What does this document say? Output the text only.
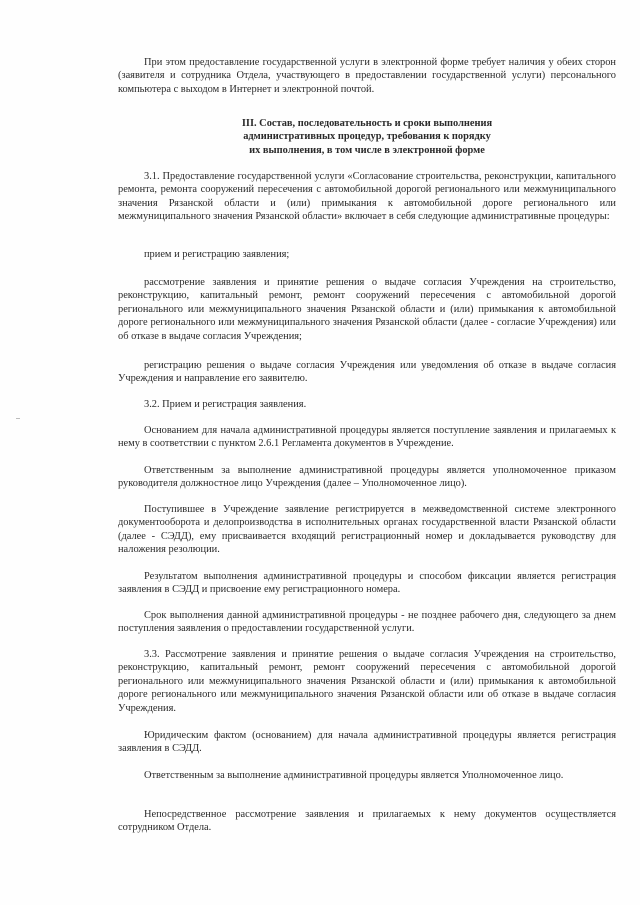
При этом предоставление государственной услуги в электронной форме требует наличия у обеих сторон (заявителя и сотрудника Отдела, участвующего в предоставлении государственной услуги) персонального компьютера с выходом в Интернет и электронной почтой.

III. Состав, последовательность и сроки выполнения
административных процедур, требования к порядку
их выполнения, в том числе в электронной форме

3.1. Предоставление государственной услуги «Согласование строительства, реконструкции, капитального ремонта, ремонта сооружений пересечения с автомобильной дорогой регионального или межмуниципального значения Рязанской области и (или) примыкания к автомобильной дороге регионального или межмуниципального значения Рязанской области» включает в себя следующие административные процедуры:

прием и регистрацию заявления;

рассмотрение заявления и принятие решения о выдаче согласия Учреждения на строительство, реконструкцию, капитальный ремонт, ремонт сооружений пересечения с автомобильной дорогой регионального или межмуниципального значения Рязанской области и (или) примыкания к автомобильной дороге регионального или межмуниципального значения Рязанской области (далее - согласие Учреждения) или об отказе в выдаче согласия Учреждения;

регистрацию решения о выдаче согласия Учреждения или уведомления об отказе в выдаче согласия Учреждения и направление его заявителю.

3.2. Прием и регистрация заявления.

Основанием для начала административной процедуры является поступление заявления и прилагаемых к нему в соответствии с пунктом 2.6.1 Регламента документов в Учреждение.

Ответственным за выполнение административной процедуры является уполномоченное приказом руководителя должностное лицо Учреждения (далее – Уполномоченное лицо).

Поступившее в Учреждение заявление регистрируется в межведомственной системе электронного документооборота и делопроизводства в исполнительных органах государственной власти Рязанской области (далее - СЭДД), ему присваивается входящий регистрационный номер и докладывается руководству для наложения резолюции.

Результатом выполнения административной процедуры и способом фиксации является регистрация заявления в СЭДД и присвоение ему регистрационного номера.

Срок выполнения данной административной процедуры - не позднее рабочего дня, следующего за днем поступления заявления о предоставлении государственной услуги.

3.3. Рассмотрение заявления и принятие решения о выдаче согласия Учреждения на строительство, реконструкцию, капитальный ремонт, ремонт сооружений пересечения с автомобильной дорогой регионального или межмуниципального значения Рязанской области и (или) примыкания к автомобильной дороге регионального или межмуниципального значения Рязанской области или об отказе в выдаче согласия Учреждения.

Юридическим фактом (основанием) для начала административной процедуры является регистрация заявления в СЭДД.

Ответственным за выполнение административной процедуры является Уполномоченное лицо.

Непосредственное рассмотрение заявления и прилагаемых к нему документов осуществляется сотрудником Отдела.
